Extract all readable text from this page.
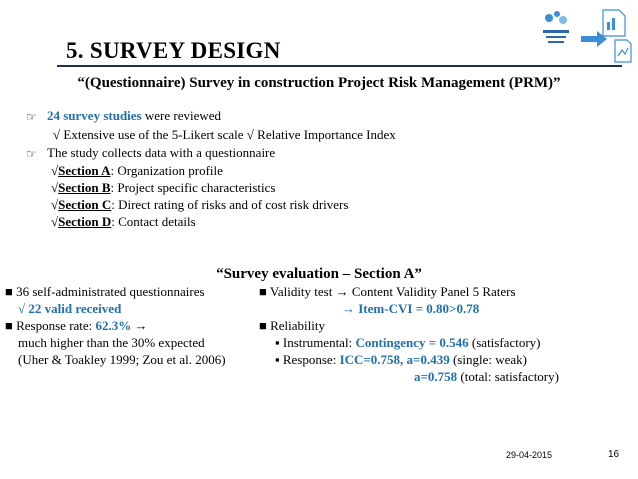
5. SURVEY DESIGN
“(Questionnaire) Survey in construction Project Risk Management (PRM)”
☞ 24 survey studies were reviewed
√ Extensive use of the 5-Likert scale √ Relative Importance Index
☞ The study collects data with a questionnaire
√Section A: Organization profile
√Section B: Project specific characteristics
√Section C: Direct rating of risks and of cost risk drivers
√Section D: Contact details
“Survey evaluation – Section A”
■ 36 self-administrated questionnaires
√ 22 valid received
■ Response rate: 62.3% →
much higher than the 30% expected
(Uher & Toakley 1999; Zou et al. 2006)
■ Validity test → Content Validity Panel 5 Raters
→ Item-CVI = 0.80>0.78
■ Reliability
▪ Instrumental: Contingency = 0.546 (satisfactory)
▪ Response: ICC=0.758, a=0.439 (single: weak)
a=0.758 (total: satisfactory)
29-04-2015	16
